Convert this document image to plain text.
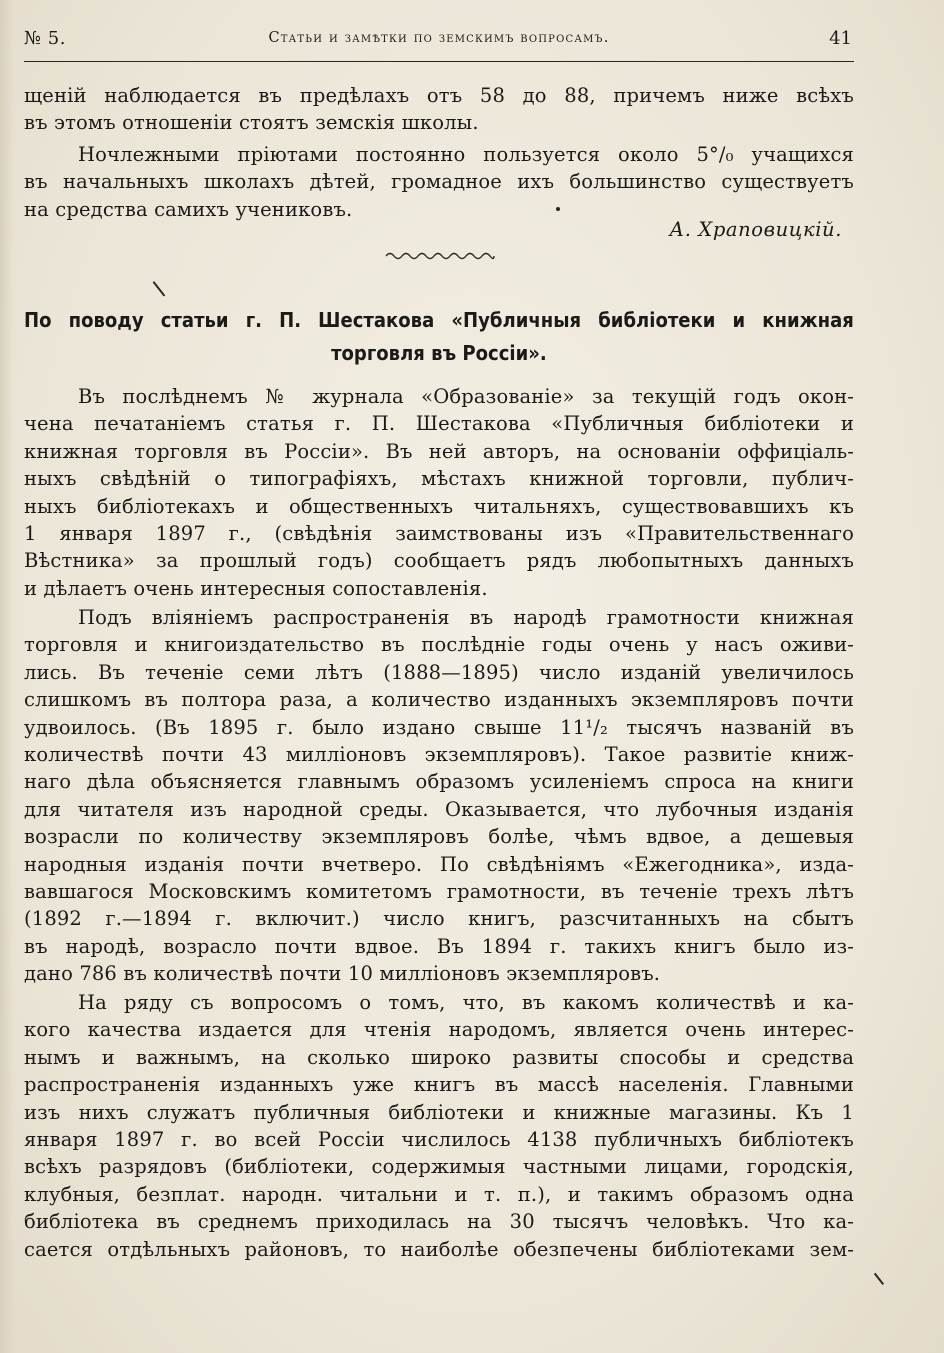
№ 5.	Статьи и замѣтки по земскимъ вопросамъ.	41
щеній наблюдается въ предѣлахъ отъ 58 до 88, причемъ ниже всѣхъ
въ этомъ отношеніи стоятъ земскія школы.
Ночлежными пріютами постоянно пользуется около 5°/₀ учащихся
въ начальныхъ школахъ дѣтей, громадное ихъ большинство существуетъ
на средства самихъ учениковъ.
А. Храповицкій.
По поводу статьи г. П. Шестакова «Публичныя библіотеки и книжная
торговля въ Россіи».
Въ послѣднемъ № журнала «Образованіе» за текущій годъ окон-
чена печатаніемъ статья г. П. Шестакова «Публичныя библіотеки и
книжная торговля въ Россіи». Въ ней авторъ, на основаніи оффиціаль-
ныхъ свѣдѣній о типографіяхъ, мѣстахъ книжной торговли, публич-
ныхъ библіотекахъ и общественныхъ читальняхъ, существовавшихъ къ
1 января 1897 г., (свѣдѣнія заимствованы изъ «Правительственнаго
Вѣстника» за прошлый годъ) сообщаетъ рядъ любопытныхъ данныхъ
и дѣлаетъ очень интересныя сопоставленія.
Подъ вліяніемъ распространенія въ народѣ грамотности книжная
торговля и книгоиздательство въ послѣдніе годы очень у насъ оживи-
лись. Въ теченіе семи лѣтъ (1888—1895) число изданій увеличилось
слишкомъ въ полтора раза, а количество изданныхъ экземпляровъ почти
удвоилось. (Въ 1895 г. было издано свыше 11¹/₂ тысячъ названій въ
количествѣ почти 43 милліоновъ экземпляровъ). Такое развитіе книж-
наго дѣла объясняется главнымъ образомъ усиленіемъ спроса на книги
для читателя изъ народной среды. Оказывается, что лубочныя изданія
возрасли по количеству экземпляровъ болѣе, чѣмъ вдвое, а дешевыя
народныя изданія почти вчетверо. По свѣдѣніямъ «Ежегодника», изда-
вавшагося Московскимъ комитетомъ грамотности, въ теченіе трехъ лѣтъ
(1892 г.—1894 г. включит.) число книгъ, разсчитанныхъ на сбытъ
въ народѣ, возрасло почти вдвое. Въ 1894 г. такихъ книгъ было из-
дано 786 въ количествѣ почти 10 милліоновъ экземпляровъ.
На ряду съ вопросомъ о томъ, что, въ какомъ количествѣ и ка-
кого качества издается для чтенія народомъ, является очень интерес-
нымъ и важнымъ, на сколько широко развиты способы и средства
распространенія изданныхъ уже книгъ въ массѣ населенія. Главными
изъ нихъ служатъ публичныя библіотеки и книжные магазины. Къ 1
января 1897 г. во всей Россіи числилось 4138 публичныхъ библіотекъ
всѣхъ разрядовъ (библіотеки, содержимыя частными лицами, городскія,
клубныя, безплат. народн. читальни и т. п.), и такимъ образомъ одна
библіотека въ среднемъ приходилась на 30 тысячъ человѣкъ. Что ка-
сается отдѣльныхъ районовъ, то наиболѣе обезпечены библіотеками зем-
